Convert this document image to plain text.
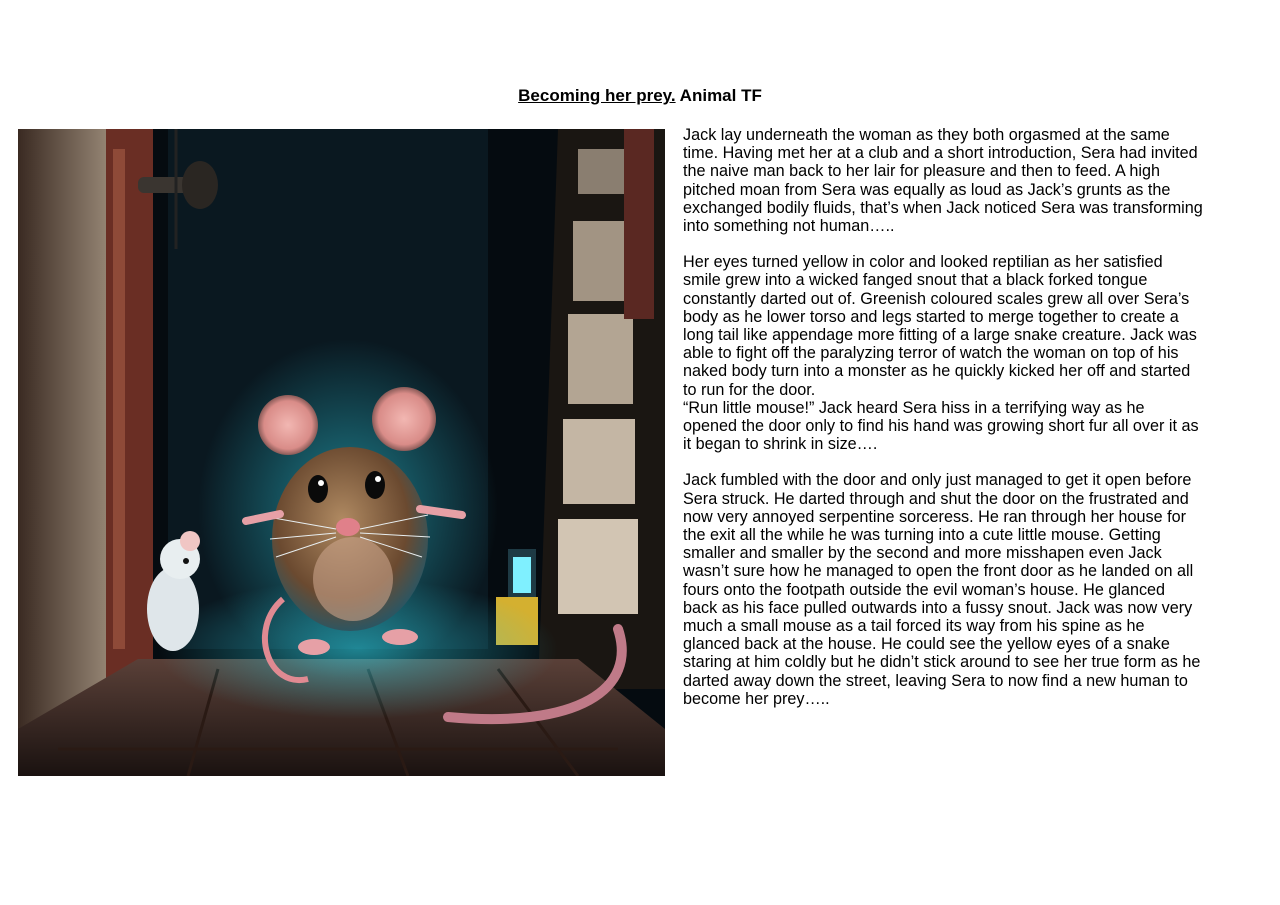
Becoming her prey. Animal TF

Jack lay underneath the woman as they both orgasmed at the same time. Having met her at a club and a short introduction, Sera had invited the naive man back to her lair for pleasure and then to feed. A high pitched moan from Sera was equally as loud as Jack’s grunts as the exchanged bodily fluids, that’s when Jack noticed Sera was transforming into something not human…..

Her eyes turned yellow in color and looked reptilian as her satisfied smile grew into a wicked fanged snout that a black forked tongue constantly darted out of. Greenish coloured scales grew all over Sera’s body as he lower torso and legs started to merge together to create a long tail like appendage more fitting of a large snake creature. Jack was able to fight off the paralyzing terror of watch the woman on top of his naked body turn into a monster as he quickly kicked her off and started to run for the door.

“Run little mouse!” Jack heard Sera hiss in a terrifying way as he opened the door only to find his hand was growing short fur all over it as it began to shrink in size….

Jack fumbled with the door and only just managed to get it open before Sera struck. He darted through and shut the door on the frustrated and now very annoyed serpentine sorceress. He ran through her house for the exit all the while he was turning into a cute little mouse. Getting smaller and smaller by the second and more misshapen even Jack wasn’t sure how he managed to open the front door as he landed on all fours onto the footpath outside the evil woman’s house. He glanced back as his face pulled outwards into a fussy snout. Jack was now very much a small mouse as a tail forced its way from his spine as he glanced back at the house. He could see the yellow eyes of a snake staring at him coldly but he didn’t stick around to see her true form as he darted away down the street, leaving Sera to now find a new human to become her prey…..
